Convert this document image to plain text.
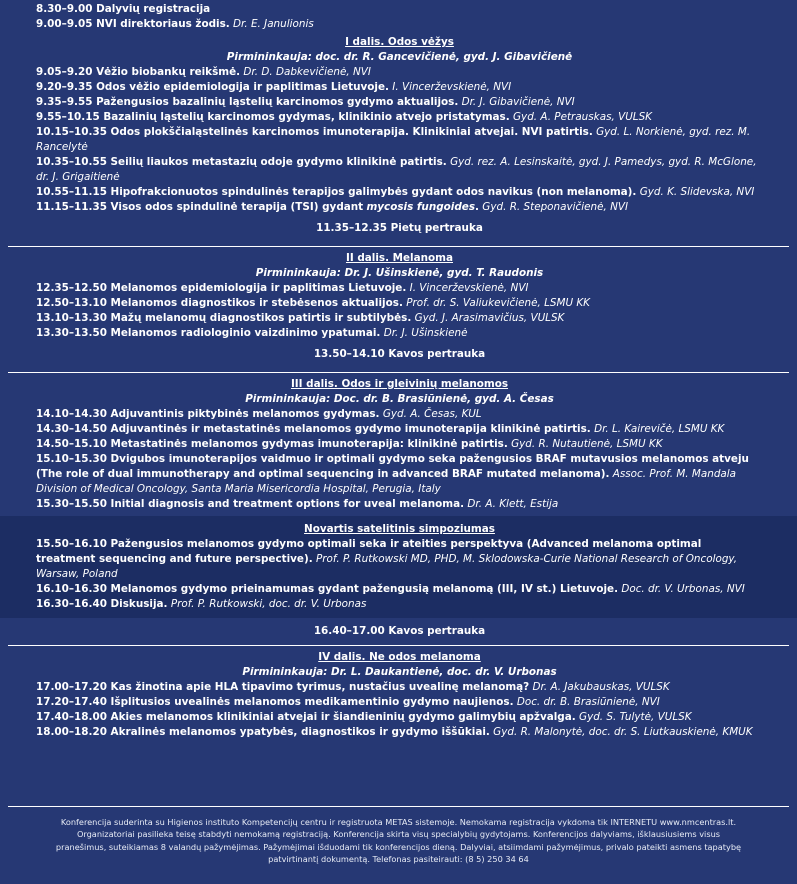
8.30–9.00 Dalyvių registracija

9.00–9.05 NVI direktoriaus žodis. Dr. E. Janulionis

I dalis. Odos vėžys
Pirmininkauja: doc. dr. R. Gancevičienė, gyd. J. Gibavičienė

9.05–9.20 Vėžio biobankų reikšmė. Dr. D. Dabkevičienė, NVI

9.20–9.35 Odos vėžio epidemiologija ir paplitimas Lietuvoje. I. Vincerževskienė, NVI

9.35–9.55 Pažengusios bazalinių ląstelių karcinomos gydymo aktualijos. Dr. J. Gibavičienė, NVI

9.55–10.15 Bazalinių ląstelių karcinomos gydymas, klinikinio atvejo pristatymas. Gyd. A. Petrauskas, VULSK

10.15–10.35 Odos plokščialąstelinės karcinomos imunoterapija. Klinikiniai atvejai. NVI patirtis. Gyd. L. Norkienė, gyd. rez. M. Rancelytė

10.35–10.55 Seilių liaukos metastazių odoje gydymo klinikinė patirtis. Gyd. rez. A. Lesinskaitė, gyd. J. Pamedys, gyd. R. McGlone, dr. J. Grigaitienė

10.55–11.15 Hipofrakcionuotos spindulinės terapijos galimybės gydant odos navikus (non melanoma). Gyd. K. Slidevska, NVI

11.15–11.35 Visos odos spindulinė terapija (TSI) gydant mycosis fungoides. Gyd. R. Steponavičienė, NVI

11.35–12.35 Pietų pertrauka
II dalis. Melanoma
Pirmininkauja: Dr. J. Ušinskienė, gyd. T. Raudonis

12.35–12.50 Melanomos epidemiologija ir paplitimas Lietuvoje. I. Vincerževskienė, NVI

12.50–13.10 Melanomos diagnostikos ir stebėsenos aktualijos. Prof. dr. S. Valiukevičienė, LSMU KK

13.10–13.30 Mažų melanomų diagnostikos patirtis ir subtilybės. Gyd. J. Arasimavičius, VULSK

13.30–13.50 Melanomos radiologinio vaizdinimo ypatumai. Dr. J. Ušinskienė

13.50–14.10 Kavos pertrauka
III dalis. Odos ir gleivinių melanomos
Pirmininkauja: Doc. dr. B. Brasiūnienė, gyd. A. Česas

14.10–14.30 Adjuvantinis piktybinės melanomos gydymas. Gyd. A. Česas, KUL

14.30–14.50 Adjuvantinės ir metastatinės melanomos gydymo imunoterapija klinikinė patirtis. Dr. L. Kairevičė, LSMU KK

14.50–15.10 Metastatinės melanomos gydymas imunoterapija: klinikinė patirtis. Gyd. R. Nutautienė, LSMU KK

15.10–15.30 Dvigubos imunoterapijos vaidmuo ir optimali gydymo seka pažengusios BRAF mutavusios melanomos atveju (The role of dual immunotherapy and optimal sequencing in advanced BRAF mutated melanoma). Assoc. Prof. M. Mandala Division of Medical Oncology, Santa Maria Misericordia Hospital, Perugia, Italy

15.30–15.50 Initial diagnosis and treatment options for uveal melanoma. Dr. A. Klett, Estija

Novartis satelitinis simpoziumas

15.50–16.10 Pažengusios melanomos gydymo optimali seka ir ateities perspektyva (Advanced melanoma optimal treatment sequencing and future perspective). Prof. P. Rutkowski MD, PHD, M. Sklodowska-Curie National Research of Oncology, Warsaw, Poland

16.10–16.30 Melanomos gydymo prieinamumas gydant pažengusią melanomą (III, IV st.) Lietuvoje. Doc. dr. V. Urbonas, NVI

16.30–16.40 Diskusija. Prof. P. Rutkowski, doc. dr. V. Urbonas

16.40–17.00 Kavos pertrauka
IV dalis. Ne odos melanoma
Pirmininkauja: Dr. L. Daukantienė, doc. dr. V. Urbonas

17.00–17.20 Kas žinotina apie HLA tipavimo tyrimus, nustačius uvealinę melanomą? Dr. A. Jakubauskas, VULSK

17.20–17.40 Išplitusios uvealinės melanomos medikamentinio gydymo naujienos. Doc. dr. B. Brasiūnienė, NVI

17.40–18.00 Akies melanomos klinikiniai atvejai ir šiandieninių gydymo galimybių apžvalga. Gyd. S. Tulytė, VULSK

18.00–18.20 Akralinės melanomos ypatybės, diagnostikos ir gydymo iššūkiai. Gyd. R. Malonytė, doc. dr. S. Liutkauskienė, KMUK

Konferencija suderinta su Higienos instituto Kompetencijų centru ir registruota METAS sistemoje. Nemokama registracija vykdoma tik INTERNETU www.nmcentras.lt.
Organizatoriai pasilieka teisę stabdyti nemokamą registraciją. Konferencija skirta visų specialybių gydytojams. Konferencijos dalyviams, išklausiusiems visus
pranešimus, suteikiamas 8 valandų pažymėjimas. Pažymėjimai išduodami tik konferencijos dieną. Dalyviai, atsiimdami pažymėjimus, privalo pateikti asmens tapatybę
patvirtinantį dokumentą. Telefonas pasiteirauti: (8 5) 250 34 64
